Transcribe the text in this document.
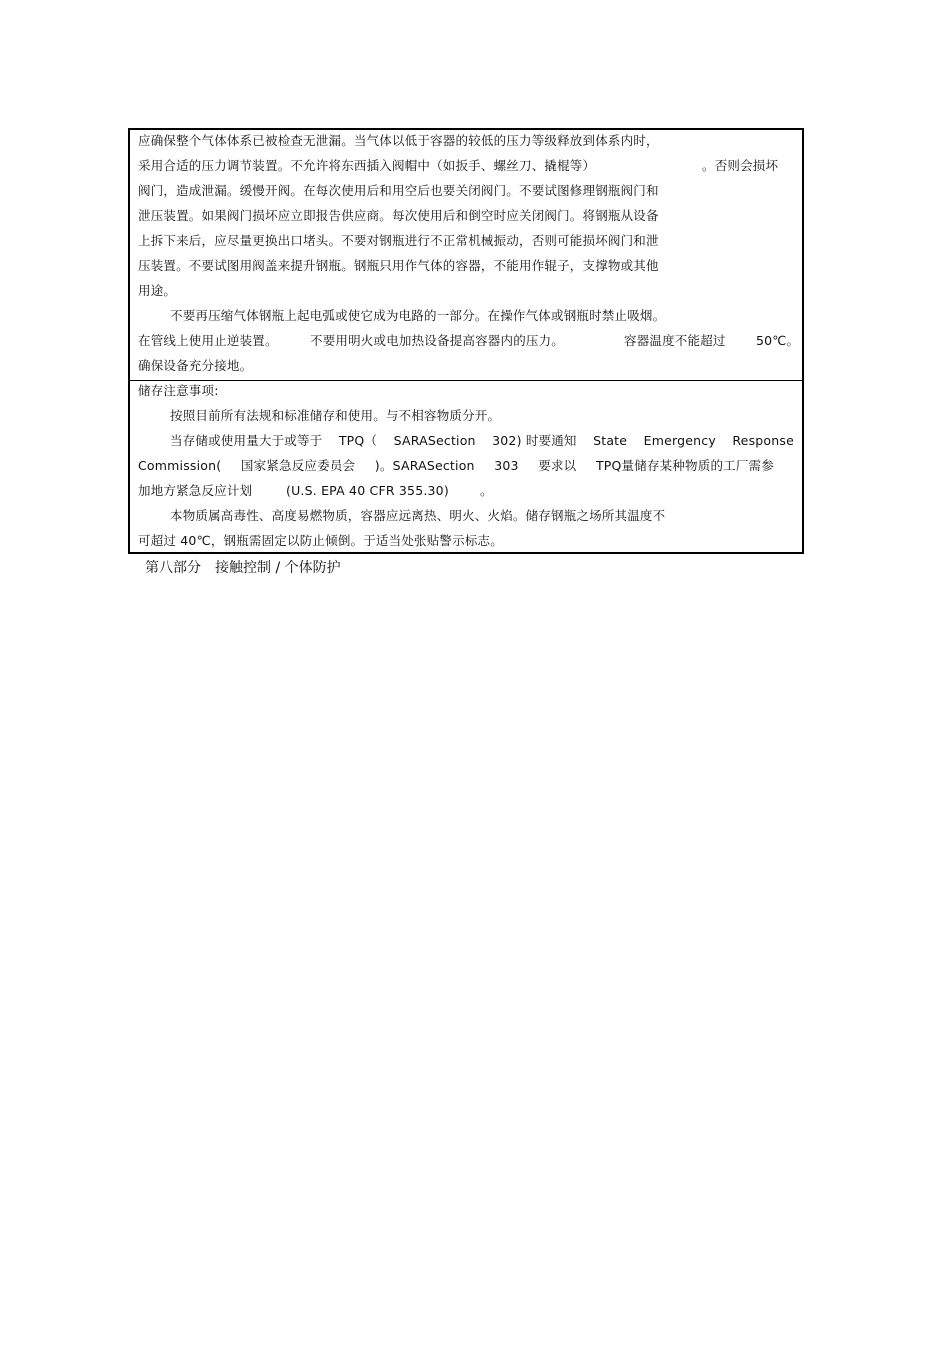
应确保整个气体体系已被检查无泄漏。当气体以低于容器的较低的压力等级释放到体系内时，
采用合适的压力调节装置。不允许将东西插入阀帽中（如扳手、螺丝刀、撬棍等）	。否则会损坏
阀门，造成泄漏。缓慢开阀。在每次使用后和用空后也要关闭阀门。不要试图修理钢瓶阀门和
泄压装置。如果阀门损坏应立即报告供应商。每次使用后和倒空时应关闭阀门。将钢瓶从设备
上拆下来后，应尽量更换出口堵头。不要对钢瓶进行不正常机械振动，否则可能损坏阀门和泄
压装置。不要试图用阀盖来提升钢瓶。钢瓶只用作气体的容器，不能用作辊子，支撑物或其他
用途。
不要再压缩气体钢瓶上起电弧或使它成为电路的一部分。在操作气体或钢瓶时禁止吸烟。
在管线上使用止逆装置。	不要用明火或电加热设备提高容器内的压力。	容器温度不能超过 50℃。
确保设备充分接地。
储存注意事项:
按照目前所有法规和标准储存和使用。与不相容物质分开。
当存储或使用量大于或等于 TPQ（ SARASection 302) 时要通知 State Emergency Response
Commission( 国家紧急反应委员会 )。SARASection 303 要求以 TPQ量储存某种物质的工厂需参
加地方紧急反应计划	(U.S. EPA 40 CFR 355.30) 。
本物质属高毒性、高度易燃物质，容器应远离热、明火、火焰。储存钢瓶之场所其温度不
可超过 40℃，钢瓶需固定以防止倾倒。于适当处张贴警示标志。
第八部分 接触控制 / 个体防护
